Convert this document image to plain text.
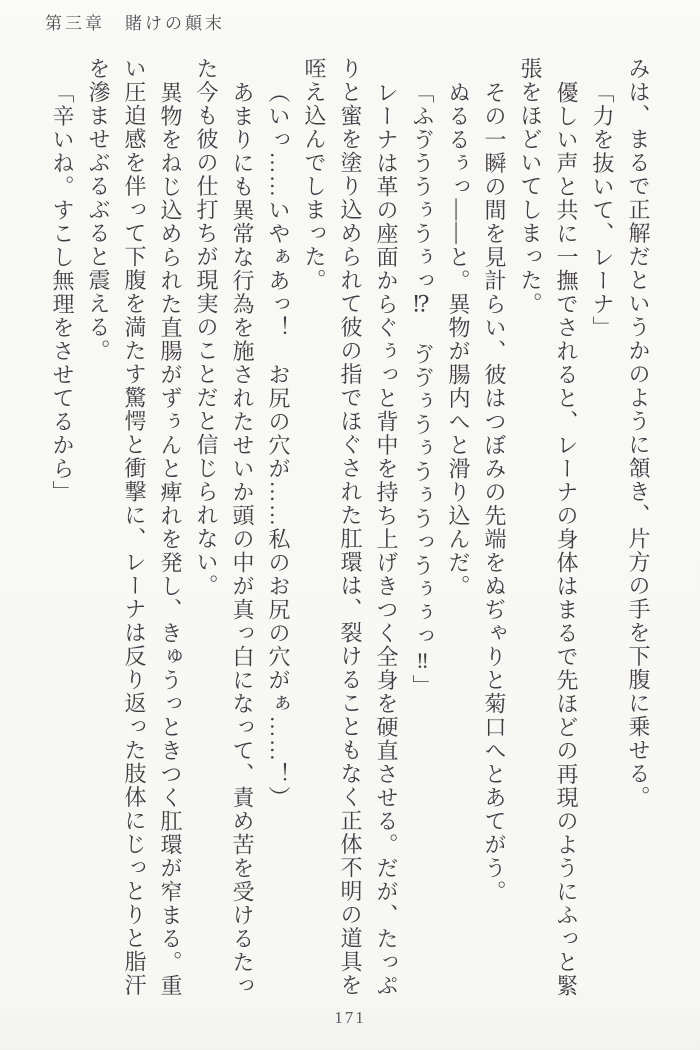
第三章　賭けの顛末

みは、まるで正解だというかのように頷き、片方の手を下腹に乗せる。

「力を抜いて、レーナ」

優しい声と共に一撫でされると、レーナの身体はまるで先ほどの再現のようにふっと緊

張をほどいてしまった。

その一瞬の間を見計らい、彼はつぼみの先端をぬぢゃりと菊口へとあてがう。

ぬるるぅっ――と。異物が腸内へと滑り込んだ。

「ふゔううぅうぅっ⁉　ゔゔぅうぅうぅうっうぅぅっ‼」

レーナは革の座面からぐぅっと背中を持ち上げきつく全身を硬直させる。だが、たっぷ

りと蜜を塗り込められて彼の指でほぐされた肛環は、裂けることもなく正体不明の道具を

咥え込んでしまった。

（いっ……いやぁあっ！　お尻の穴が……私のお尻の穴がぁ……！）

あまりにも異常な行為を施されたせいか頭の中が真っ白になって、責め苦を受けるたっ

た今も彼の仕打ちが現実のことだと信じられない。

異物をねじ込められた直腸がずぅんと痺れを発し、きゅうっときつく肛環が窄まる。重

い圧迫感を伴って下腹を満たす驚愕と衝撃に、レーナは反り返った肢体にじっとりと脂汗

を滲ませぶるぶると震える。

「辛いね。すこし無理をさせてるから」

171
